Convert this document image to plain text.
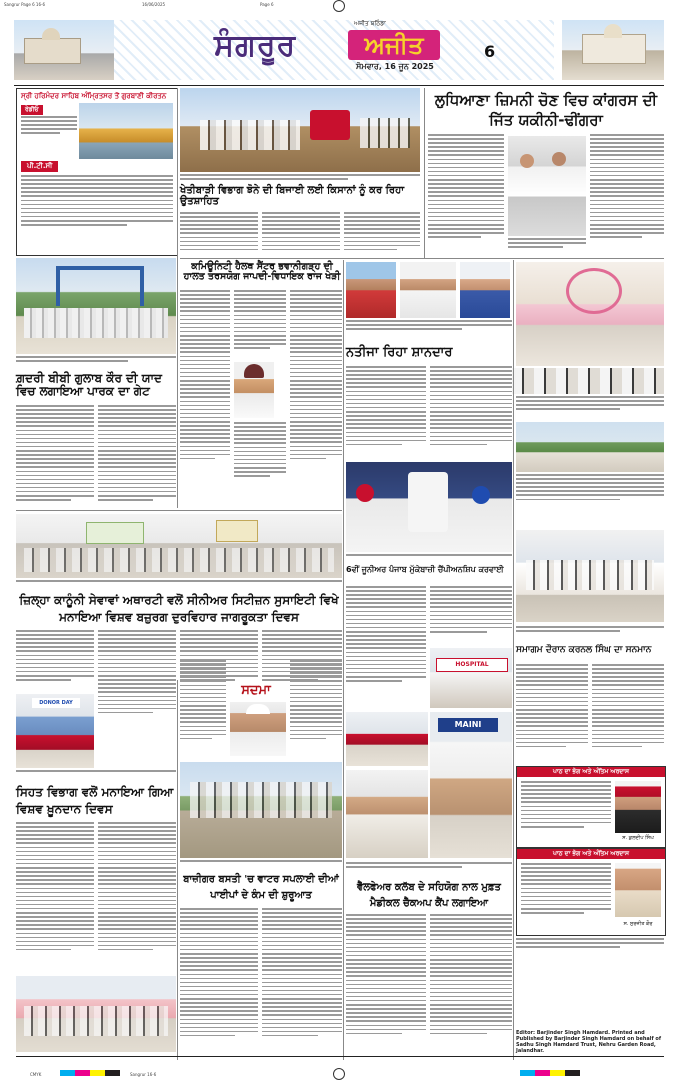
Sangrur Page 6 16-6	16/06/2025	Page 6
ਸੰਗਰੂਰ	ਅਜੀਤ
ਅਜੀਤ ਬਠਿੰਡਾ
ਸੋਮਵਾਰ, 16 ਜੂਨ 2025
6
ਸ੍ਰੀ ਹਰਿਮੰਦਰ ਸਾਹਿਬ ਅੰਮ੍ਰਿਤਸਰ ਤੋਂ ਗੁਰਬਾਣੀ ਕੀਰਤਨ
ਰੇਡੀਓ
ਪੀ.ਟੀ.ਸੀ
ਗ਼ਦਰੀ ਬੀਬੀ ਗੁਲਾਬ ਕੌਰ ਦੀ ਯਾਦ ਵਿਚ ਲਗਾਇਆ ਪਾਰਕ ਦਾ ਗੇਟ
ਖੇਤੀਬਾੜੀ ਵਿਭਾਗ ਝੋਨੇ ਦੀ ਬਿਜਾਈ ਲਈ ਕਿਸਾਨਾਂ ਨੂੰ ਕਰ ਰਿਹਾ ਉਤਸ਼ਾਹਿਤ
ਕਮਿਊਨਿਟੀ ਹੈਲਥ ਸੈਂਟਰ ਭਵਾਨੀਗੜ੍ਹ ਦੀ ਹਾਲਤ ਤਰਸਯੋਗ ਜਾਪਦੀ-ਵਿਧਾਇਕ ਰਾਜ ਖੇੜੀ
ਲੁਧਿਆਣਾ ਜ਼ਿਮਨੀ ਚੋਣ ਵਿਚ ਕਾਂਗਰਸ ਦੀ ਜਿੱਤ ਯਕੀਨੀ-ਢੀਂਗਰਾ
ਨਤੀਜਾ ਰਿਹਾ ਸ਼ਾਨਦਾਰ
6ਵੀਂ ਜੂਨੀਅਰ ਪੰਜਾਬ ਮੁੱਕੇਬਾਜ਼ੀ ਚੈਂਪੀਅਨਸ਼ਿਪ ਕਰਵਾਈ
HOSPITAL
ਸਮਾਗਮ ਦੌਰਾਨ ਕਰਨਲ ਸਿੰਘ ਦਾ ਸਨਮਾਨ
ਪਾਠ ਦਾ ਭੋਗ ਅਤੇ ਅੰਤਿਮ ਅਰਦਾਸ
ਸ. ਕੁਲਦੀਪ ਸਿੰਘ
ਪਾਠ ਦਾ ਭੋਗ ਅਤੇ ਅੰਤਿਮ ਅਰਦਾਸ
ਸ. ਸੁਰਜੀਤ ਕੌਰ
Editor: Barjinder Singh Hamdard. Printed and Published by Barjinder Singh Hamdard on behalf of Sadhu Singh Hamdard Trust, Nehru Garden Road, Jalandhar.
ਜ਼ਿਲ੍ਹਾ ਕਾਨੂੰਨੀ ਸੇਵਾਵਾਂ ਅਥਾਰਟੀ ਵਲੋਂ ਸੀਨੀਅਰ ਸਿਟੀਜ਼ਨ ਸੁਸਾਇਟੀ ਵਿਖੇ ਮਨਾਇਆ ਵਿਸ਼ਵ ਬਜ਼ੁਰਗ ਦੁਰਵਿਹਾਰ ਜਾਗਰੂਕਤਾ ਦਿਵਸ
DONOR DAY
ਸਿਹਤ ਵਿਭਾਗ ਵਲੋਂ ਮਨਾਇਆ ਗਿਆ ਵਿਸ਼ਵ ਖ਼ੂਨਦਾਨ ਦਿਵਸ
ਸਦਮਾ
ਬਾਜ਼ੀਗਰ ਬਸਤੀ 'ਚ ਵਾਟਰ ਸਪਲਾਈ ਦੀਆਂ ਪਾਈਪਾਂ ਦੇ ਕੰਮ ਦੀ ਸ਼ੁਰੂਆਤ
MAINI
ਵੈੱਲਫੇਅਰ ਕਲੱਬ ਦੇ ਸਹਿਯੋਗ ਨਾਲ ਮੁਫ਼ਤ ਮੈਡੀਕਲ ਚੈੱਕਅਪ ਕੈਂਪ ਲਗਾਇਆ
CMYK	Sangrur 16-6
